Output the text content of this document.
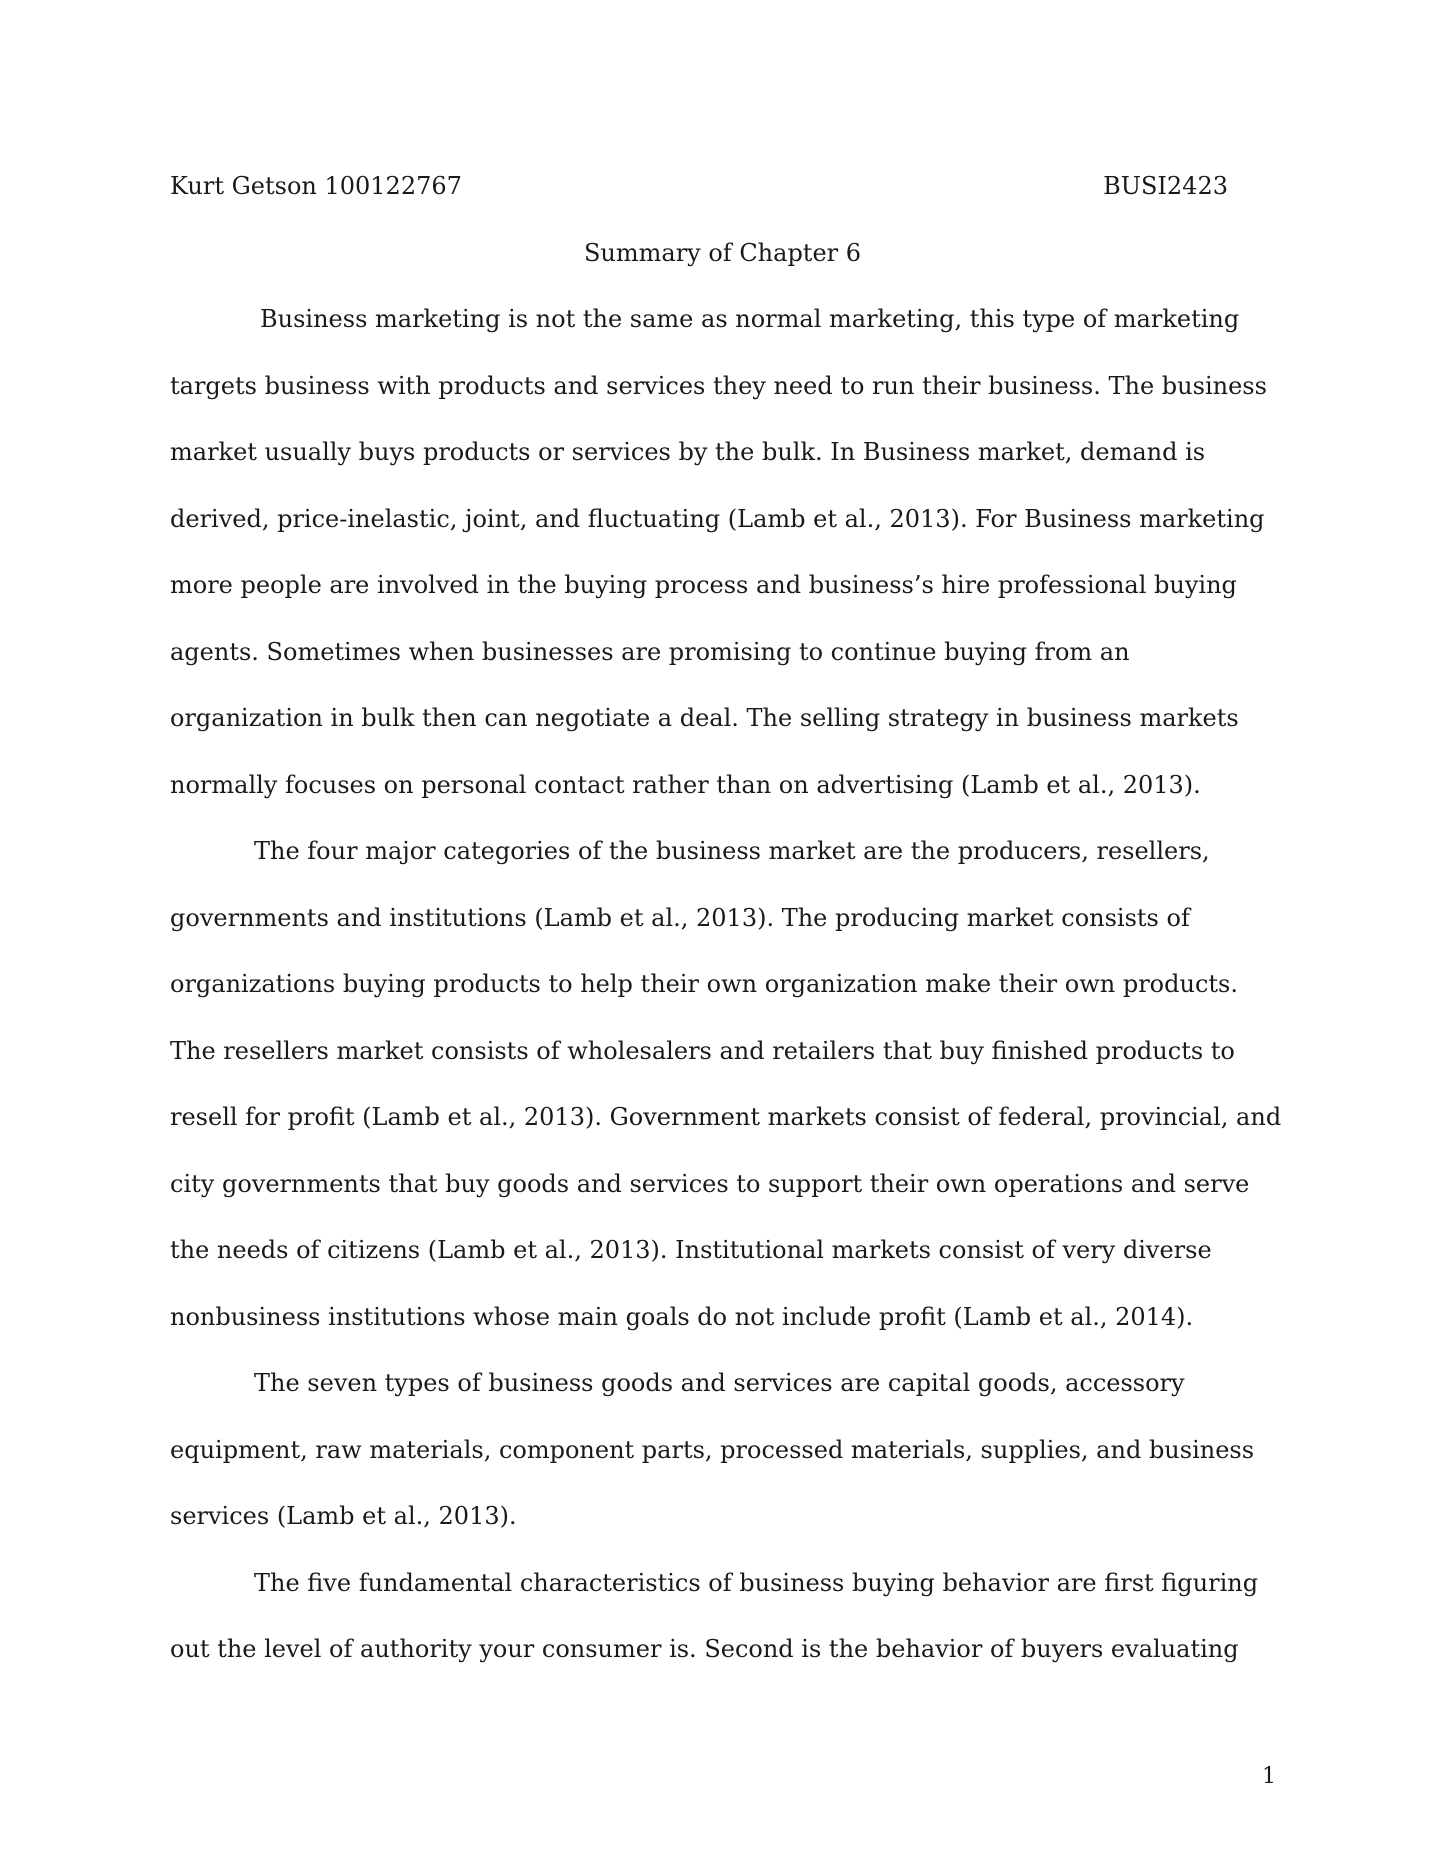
Kurt Getson 100122767	BUSI2423
Summary of Chapter 6
Business marketing is not the same as normal marketing, this type of marketing
targets business with products and services they need to run their business. The business
market usually buys products or services by the bulk. In Business market, demand is
derived, price-inelastic, joint, and fluctuating (Lamb et al., 2013). For Business marketing
more people are involved in the buying process and business’s hire professional buying
agents. Sometimes when businesses are promising to continue buying from an
organization in bulk then can negotiate a deal. The selling strategy in business markets
normally focuses on personal contact rather than on advertising (Lamb et al., 2013).
The four major categories of the business market are the producers, resellers,
governments and institutions (Lamb et al., 2013). The producing market consists of
organizations buying products to help their own organization make their own products.
The resellers market consists of wholesalers and retailers that buy finished products to
resell for profit (Lamb et al., 2013). Government markets consist of federal, provincial, and
city governments that buy goods and services to support their own operations and serve
the needs of citizens (Lamb et al., 2013). Institutional markets consist of very diverse
nonbusiness institutions whose main goals do not include profit (Lamb et al., 2014).
The seven types of business goods and services are capital goods, accessory
equipment, raw materials, component parts, processed materials, supplies, and business
services (Lamb et al., 2013).
The five fundamental characteristics of business buying behavior are first figuring
out the level of authority your consumer is. Second is the behavior of buyers evaluating
1
